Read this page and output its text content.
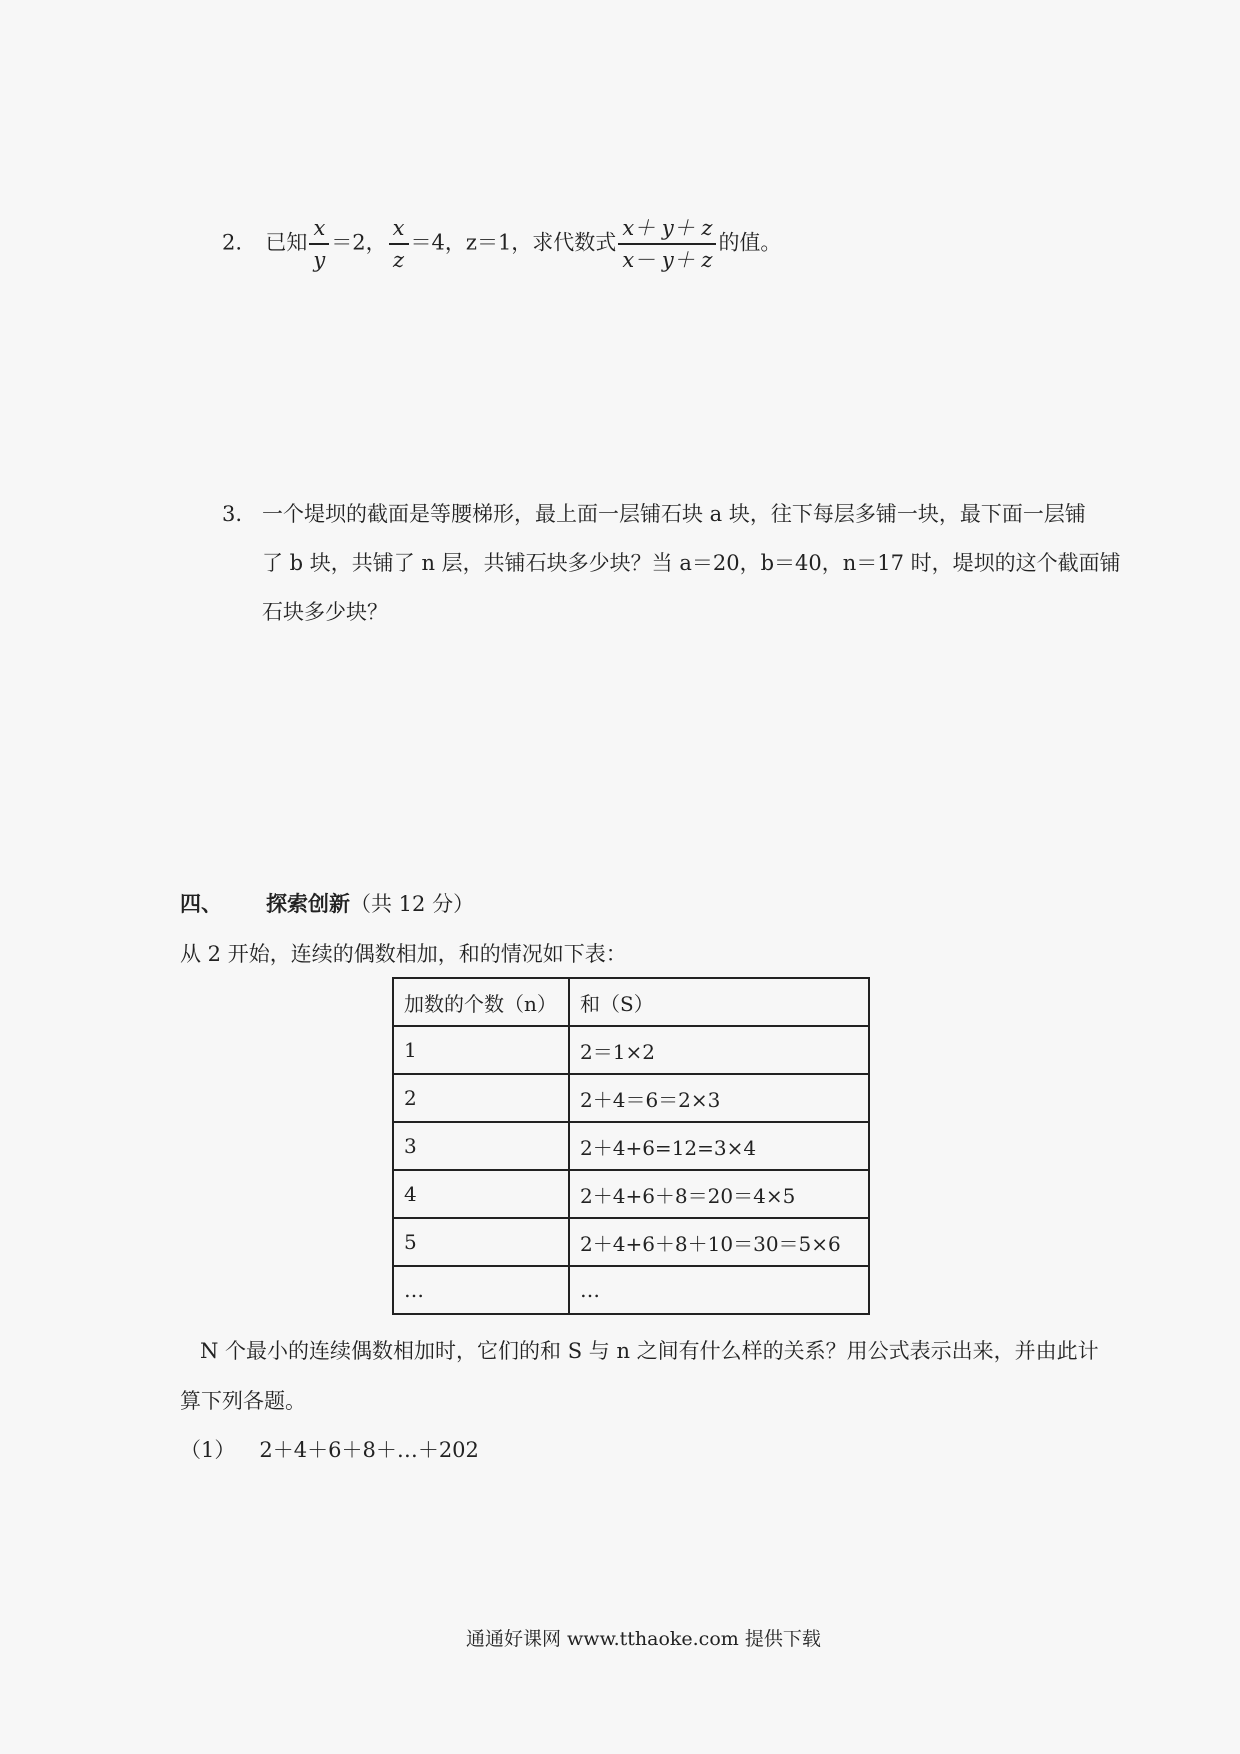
2. 已知 $\frac{x}{y} =2$， $\frac{x}{z} =4$，z＝1，求代数式 $\frac{x+ y+ z}{x- y+ z}$ 的值。
3. 一个堤坝的截面是等腰梯形，最上面一层铺石块 a 块，往下每层多铺一块，最下面一层铺
了 b 块，共铺了 n 层，共铺石块多少块？当 a＝20，b＝40，n＝17 时，堤坝的这个截面铺
石块多少块？
四、 探索创新（共 12 分）
从 2 开始，连续的偶数相加，和的情况如下表：
加数的个数（n）	和（S）
1	2＝1×2
2	2＋4＝6＝2×3
3	2＋4+6=12=3×4
4	2＋4+6＋8＝20＝4×5
5	2＋4+6＋8＋10＝30＝5×6
…	…
N 个最小的连续偶数相加时，它们的和 S 与 n 之间有什么样的关系？用公式表示出来，并由此计
算下列各题。
（1） 2＋4＋6＋8＋…＋202
通通好课网 www.tthaoke.com 提供下载
